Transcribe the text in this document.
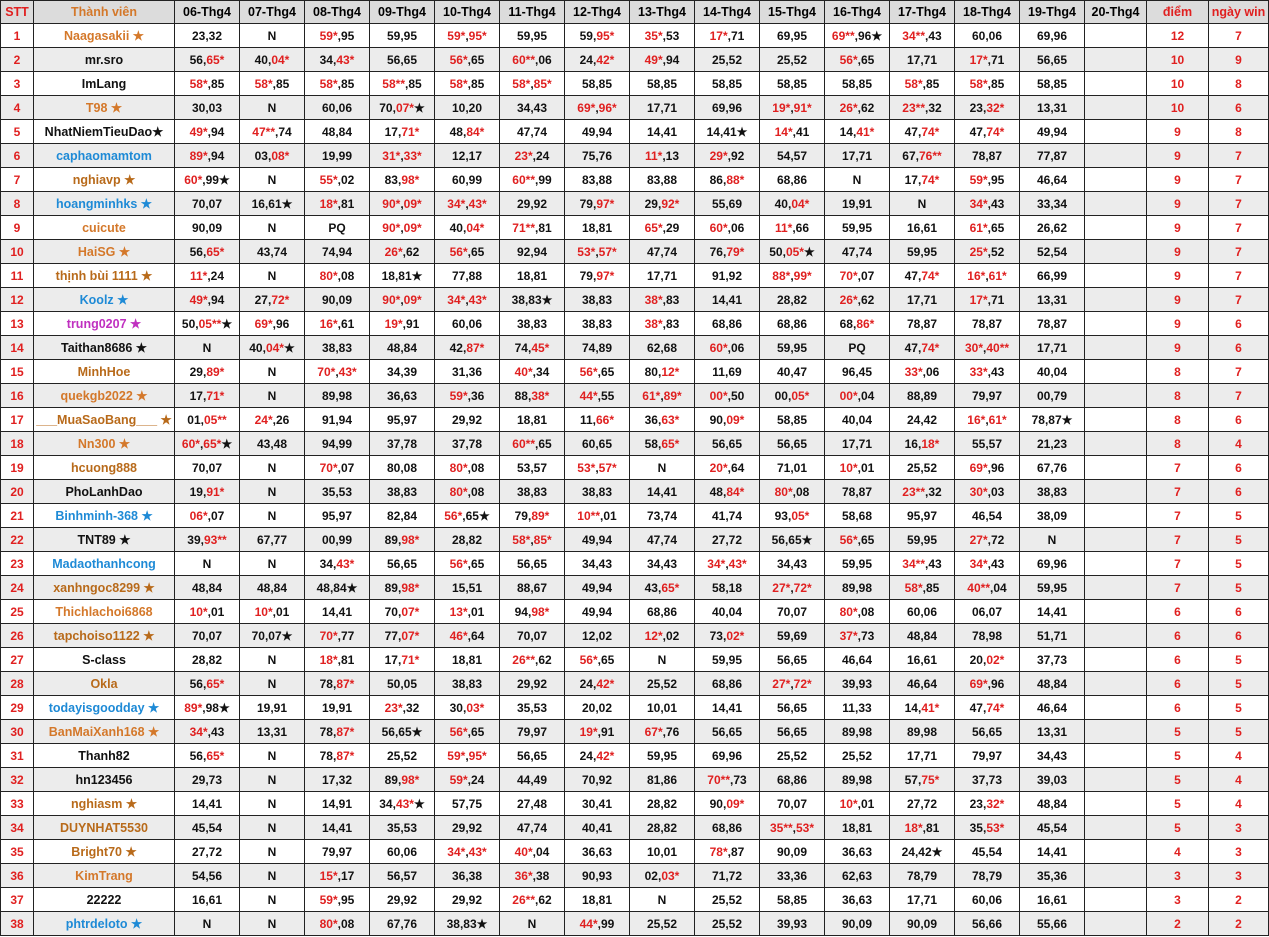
STT	Thành viên	06-Thg4	07-Thg4	08-Thg4	09-Thg4	10-Thg4	11-Thg4	12-Thg4	13-Thg4	14-Thg4	15-Thg4	16-Thg4	17-Thg4	18-Thg4	19-Thg4	20-Thg4	điểm	ngày win
1	Naagasakii ★	23,32	N	59*,95	59,95	59*,95*	59,95	59,95*	35*,53	17*,71	69,95	69**,96★	34**,43	60,06	69,96		12	7
2	mr.sro	56,65*	40,04*	34,43*	56,65	56*,65	60**,06	24,42*	49*,94	25,52	25,52	56*,65	17,71	17*,71	56,65		10	9
3	ImLang	58*,85	58*,85	58*,85	58**,85	58*,85	58*,85*	58,85	58,85	58,85	58,85	58,85	58*,85	58*,85	58,85		10	8
4	T98 ★	30,03	N	60,06	70,07*★	10,20	34,43	69*,96*	17,71	69,96	19*,91*	26*,62	23**,32	23,32*	13,31		10	6
5	NhatNiemTieuDao★	49*,94	47**,74	48,84	17,71*	48,84*	47,74	49,94	14,41	14,41★	14*,41	14,41*	47,74*	47,74*	49,94		9	8
6	caphaomamtom	89*,94	03,08*	19,99	31*,33*	12,17	23*,24	75,76	11*,13	29*,92	54,57	17,71	67,76**	78,87	77,87		9	7
7	nghiavp ★	60*,99★	N	55*,02	83,98*	60,99	60**,99	83,88	83,88	86,88*	68,86	N	17,74*	59*,95	46,64		9	7
8	hoangminhks ★	70,07	16,61★	18*,81	90*,09*	34*,43*	29,92	79,97*	29,92*	55,69	40,04*	19,91	N	34*,43	33,34		9	7
9	cuicute	90,09	N	PQ	90*,09*	40,04*	71**,81	18,81	65*,29	60*,06	11*,66	59,95	16,61	61*,65	26,62		9	7
10	HaiSG ★	56,65*	43,74	74,94	26*,62	56*,65	92,94	53*,57*	47,74	76,79*	50,05*★	47,74	59,95	25*,52	52,54		9	7
11	thịnh bùi 1111 ★	11*,24	N	80*,08	18,81★	77,88	18,81	79,97*	17,71	91,92	88*,99*	70*,07	47,74*	16*,61*	66,99		9	7
12	Koolz ★	49*,94	27,72*	90,09	90*,09*	34*,43*	38,83★	38,83	38*,83	14,41	28,82	26*,62	17,71	17*,71	13,31		9	7
13	trung0207 ★	50,05**★	69*,96	16*,61	19*,91	60,06	38,83	38,83	38*,83	68,86	68,86	68,86*	78,87	78,87	78,87		9	6
14	Taithan8686 ★	N	40,04*★	38,83	48,84	42,87*	74,45*	74,89	62,68	60*,06	59,95	PQ	47,74*	30*,40**	17,71		9	6
15	MinhHoe	29,89*	N	70*,43*	34,39	31,36	40*,34	56*,65	80,12*	11,69	40,47	96,45	33*,06	33*,43	40,04		8	7
16	quekgb2022 ★	17,71*	N	89,98	36,63	59*,36	88,38*	44*,55	61*,89*	00*,50	00,05*	00*,04	88,89	79,97	00,79		8	7
17	___MuaSaoBang___ ★	01,05**	24*,26	91,94	95,97	29,92	18,81	11,66*	36,63*	90,09*	58,85	40,04	24,42	16*,61*	78,87★		8	6
18	Nn300 ★	60*,65*★	43,48	94,99	37,78	37,78	60**,65	60,65	58,65*	56,65	56,65	17,71	16,18*	55,57	21,23		8	4
19	hcuong888	70,07	N	70*,07	80,08	80*,08	53,57	53*,57*	N	20*,64	71,01	10*,01	25,52	69*,96	67,76		7	6
20	PhoLanhDao	19,91*	N	35,53	38,83	80*,08	38,83	38,83	14,41	48,84*	80*,08	78,87	23**,32	30*,03	38,83		7	6
21	Binhminh-368 ★	06*,07	N	95,97	82,84	56*,65★	79,89*	10**,01	73,74	41,74	93,05*	58,68	95,97	46,54	38,09		7	5
22	TNT89 ★	39,93**	67,77	00,99	89,98*	28,82	58*,85*	49,94	47,74	27,72	56,65★	56*,65	59,95	27*,72	N		7	5
23	Madaothanhcong	N	N	34,43*	56,65	56*,65	56,65	34,43	34,43	34*,43*	34,43	59,95	34**,43	34*,43	69,96		7	5
24	xanhngoc8299 ★	48,84	48,84	48,84★	89,98*	15,51	88,67	49,94	43,65*	58,18	27*,72*	89,98	58*,85	40**,04	59,95		7	5
25	Thichlachoi6868	10*,01	10*,01	14,41	70,07*	13*,01	94,98*	49,94	68,86	40,04	70,07	80*,08	60,06	06,07	14,41		6	6
26	tapchoiso1122 ★	70,07	70,07★	70*,77	77,07*	46*,64	70,07	12,02	12*,02	73,02*	59,69	37*,73	48,84	78,98	51,71		6	6
27	S-class	28,82	N	18*,81	17,71*	18,81	26**,62	56*,65	N	59,95	56,65	46,64	16,61	20,02*	37,73		6	5
28	Okla	56,65*	N	78,87*	50,05	38,83	29,92	24,42*	25,52	68,86	27*,72*	39,93	46,64	69*,96	48,84		6	5
29	todayisgoodday ★	89*,98★	19,91	19,91	23*,32	30,03*	35,53	20,02	10,01	14,41	56,65	11,33	14,41*	47,74*	46,64		6	5
30	BanMaiXanh168 ★	34*,43	13,31	78,87*	56,65★	56*,65	79,97	19*,91	67*,76	56,65	56,65	89,98	89,98	56,65	13,31		5	5
31	Thanh82	56,65*	N	78,87*	25,52	59*,95*	56,65	24,42*	59,95	69,96	25,52	25,52	17,71	79,97	34,43		5	4
32	hn123456	29,73	N	17,32	89,98*	59*,24	44,49	70,92	81,86	70**,73	68,86	89,98	57,75*	37,73	39,03		5	4
33	nghiasm ★	14,41	N	14,91	34,43*★	57,75	27,48	30,41	28,82	90,09*	70,07	10*,01	27,72	23,32*	48,84		5	4
34	DUYNHAT5530	45,54	N	14,41	35,53	29,92	47,74	40,41	28,82	68,86	35**,53*	18,81	18*,81	35,53*	45,54		5	3
35	Bright70 ★	27,72	N	79,97	60,06	34*,43*	40*,04	36,63	10,01	78*,87	90,09	36,63	24,42★	45,54	14,41		4	3
36	KimTrang	54,56	N	15*,17	56,57	36,38	36*,38	90,93	02,03*	71,72	33,36	62,63	78,79	78,79	35,36		3	3
37	22222	16,61	N	59*,95	29,92	29,92	26**,62	18,81	N	25,52	58,85	36,63	17,71	60,06	16,61		3	2
38	phtrdeloto ★	N	N	80*,08	67,76	38,83★	N	44*,99	25,52	25,52	39,93	90,09	90,09	56,66	55,66		2	2
